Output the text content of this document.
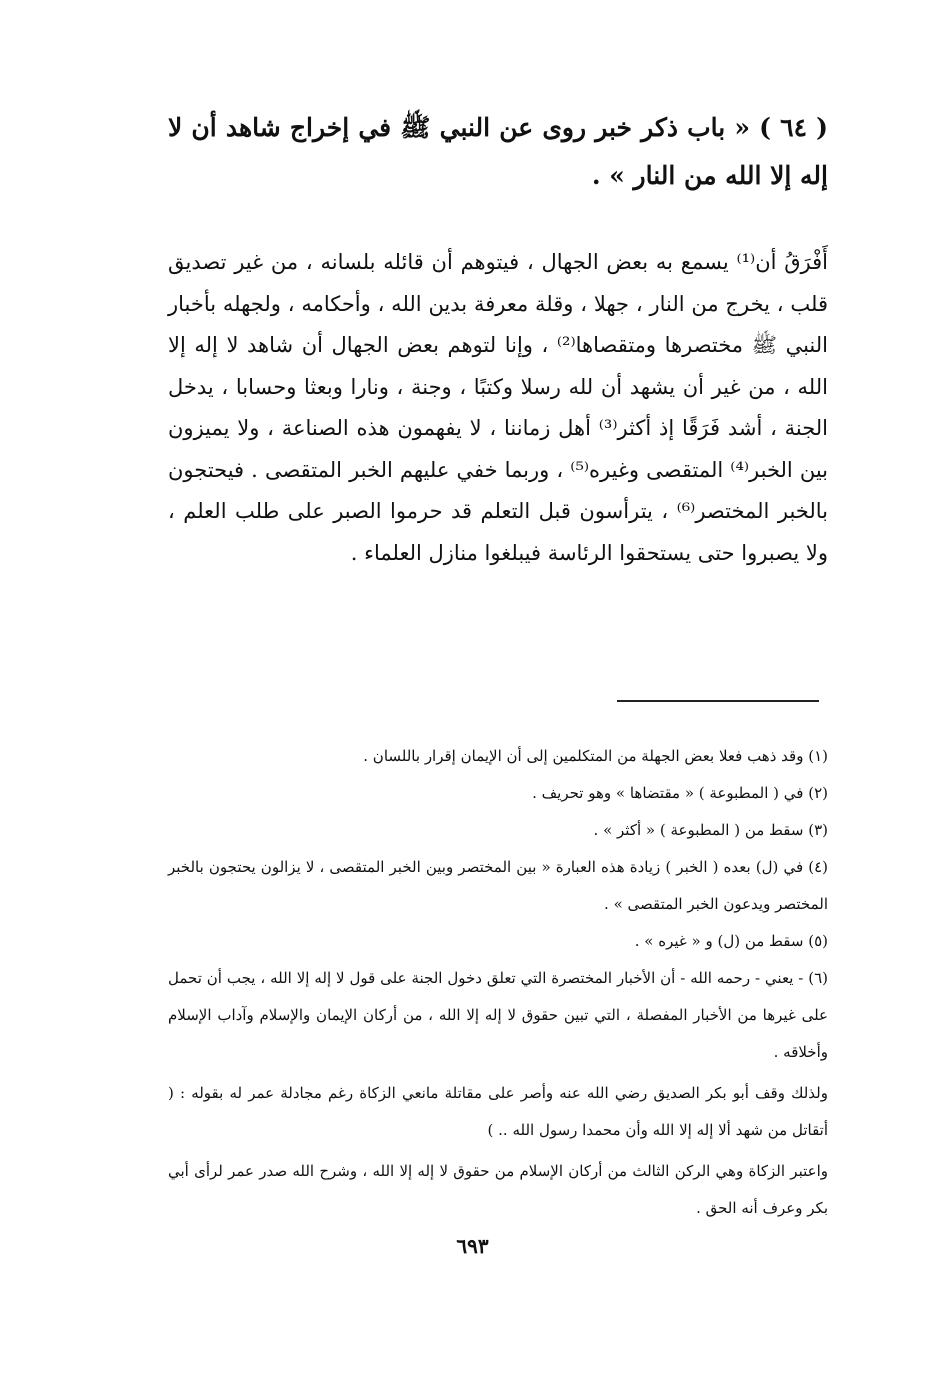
( ٦٤ ) « باب ذكر خبر روى عن النبي ﷺ في إخراج شاهد أن لا إله إلا الله من النار » .
أَفْرَقُ أن⁽¹⁾ يسمع به بعض الجهال ، فيتوهم أن قائله بلسانه ، من غير تصديق قلب ، يخرج من النار ، جهلا ، وقلة معرفة بدين الله ، وأحكامه ، ولجهله بأخبار النبي ﷺ مختصرها ومتقصاها⁽²⁾ ، وإنا لتوهم بعض الجهال أن شاهد لا إله إلا الله ، من غير أن يشهد أن لله رسلا وكتبًا ، وجنة ، ونارا وبعثا وحسابا ، يدخل الجنة ، أشد فَرَقًا إذ أكثر⁽³⁾ أهل زماننا ، لا يفهمون هذه الصناعة ، ولا يميزون بين الخبر⁽⁴⁾ المتقصى وغيره⁽⁵⁾ ، وربما خفي عليهم الخبر المتقصى . فيحتجون بالخبر المختصر⁽⁶⁾ ، يترأسون قبل التعلم قد حرموا الصبر على طلب العلم ، ولا يصبروا حتى يستحقوا الرئاسة فيبلغوا منازل العلماء .

(١) وقد ذهب فعلا بعض الجهلة من المتكلمين إلى أن الإيمان إقرار باللسان .

(٢) في ( المطبوعة ) « مقتضاها » وهو تحريف .

(٣) سقط من ( المطبوعة ) « أكثر » .

(٤) في (ل) بعده ( الخبر ) زيادة هذه العبارة « بين المختصر وبين الخبر المتقصى ، لا يزالون يحتجون بالخبر المختصر ويدعون الخبر المتقصى » .

(٥) سقط من (ل) و « غيره » .

(٦) - يعني - رحمه الله - أن الأخبار المختصرة التي تعلق دخول الجنة على قول لا إله إلا الله ، يجب أن تحمل على غيرها من الأخبار المفصلة ، التي تبين حقوق لا إله إلا الله ، من أركان الإيمان والإسلام وآداب الإسلام وأخلاقه .

ولذلك وقف أبو بكر الصديق رضي الله عنه وأصر على مقاتلة مانعي الزكاة رغم مجادلة عمر له بقوله : ( أتقاتل من شهد ألا إله إلا الله وأن محمدا رسول الله .. )

واعتبر الزكاة وهي الركن الثالث من أركان الإسلام من حقوق لا إله إلا الله ، وشرح الله صدر عمر لرأى أبي بكر وعرف أنه الحق .

٦٩٣
